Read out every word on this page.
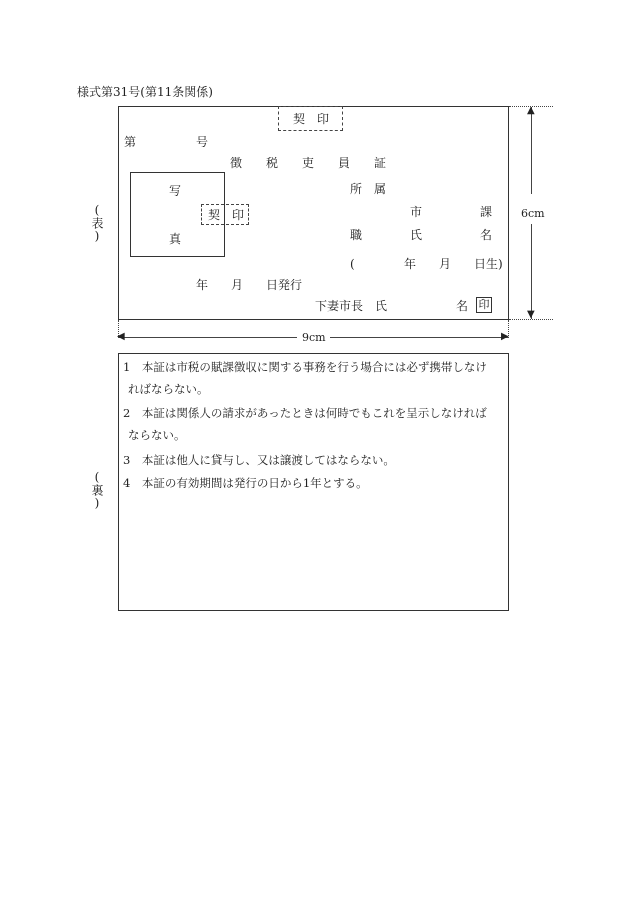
様式第31号(第11条関係)
(表)
契　印
第	号
徴 税 吏 員 証
写
真
契　印
所　属
市	課
職	氏	名
(	年 月 日生)
年 月 日発行
下妻市長　氏	名 印
▲
▼
6cm
◀	▶
9cm
(裏)
1　本証は市税の賦課徴収に関する事務を行う場合には必ず携帯しなけ
ればならない。
2　本証は関係人の請求があったときは何時でもこれを呈示しなければ
ならない。
3　本証は他人に貸与し、又は譲渡してはならない。
4　本証の有効期間は発行の日から1年とする。
